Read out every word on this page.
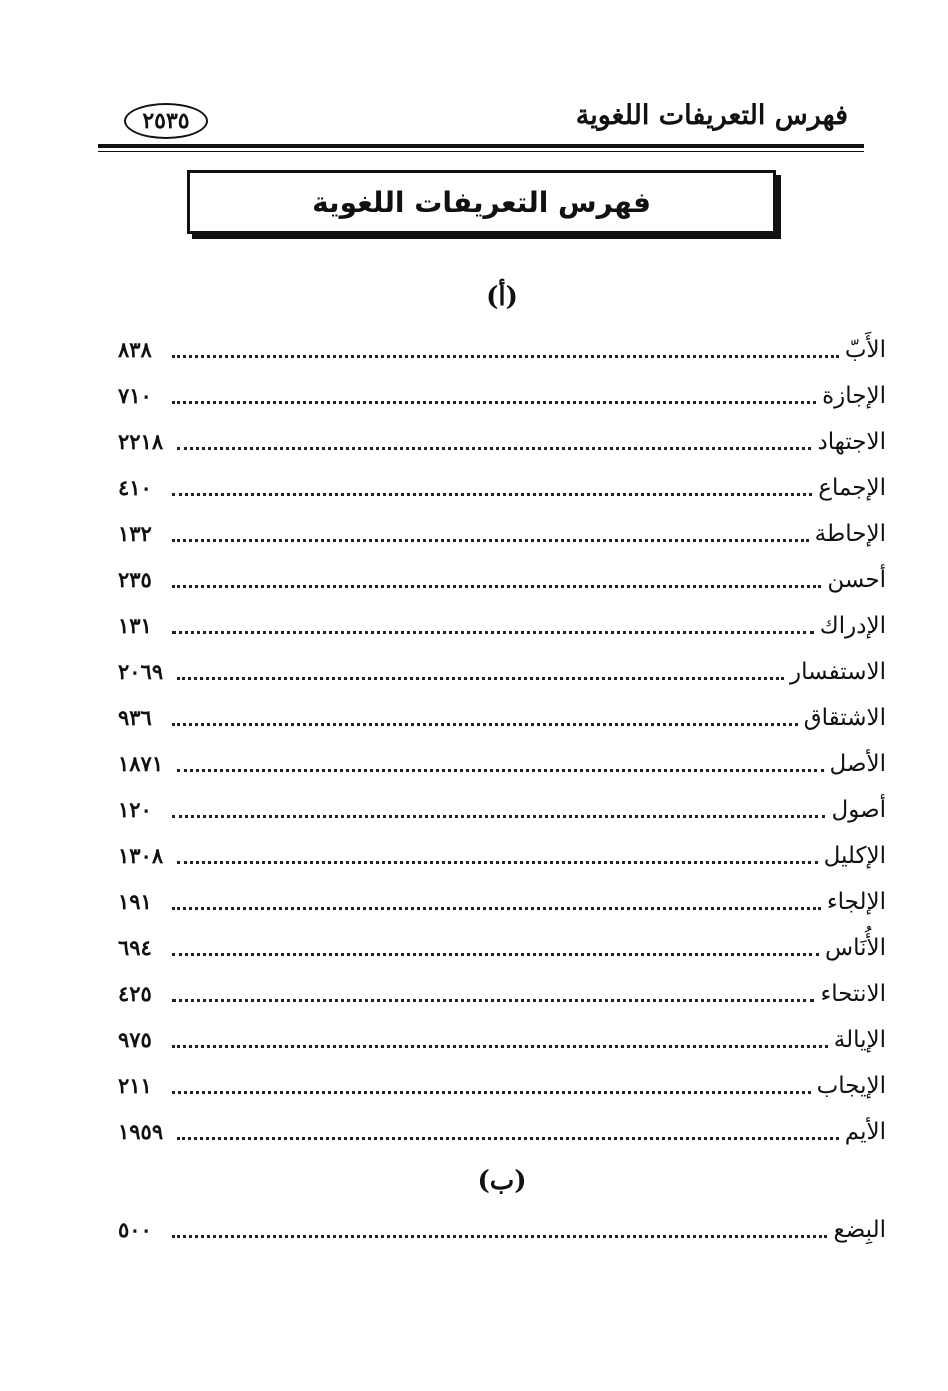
فهرس التعريفات اللغوية
٢٥٣٥
فهرس التعريفات اللغوية
(أ)
الأَبّ
٨٣٨
الإجازة
٧١٠
الاجتهاد
٢٢١٨
الإجماع
٤١٠
الإحاطة
١٣٢
أحسن
٢٣٥
الإدراك
١٣١
الاستفسار
٢٠٦٩
الاشتقاق
٩٣٦
الأصل
١٨٧١
أصول
١٢٠
الإكليل
١٣٠٨
الإلجاء
١٩١
الأُنَاس
٦٩٤
الانتحاء
٤٢٥
الإيالة
٩٧٥
الإيجاب
٢١١
الأيم
١٩٥٩
(ب)
البِضع
٥٠٠
